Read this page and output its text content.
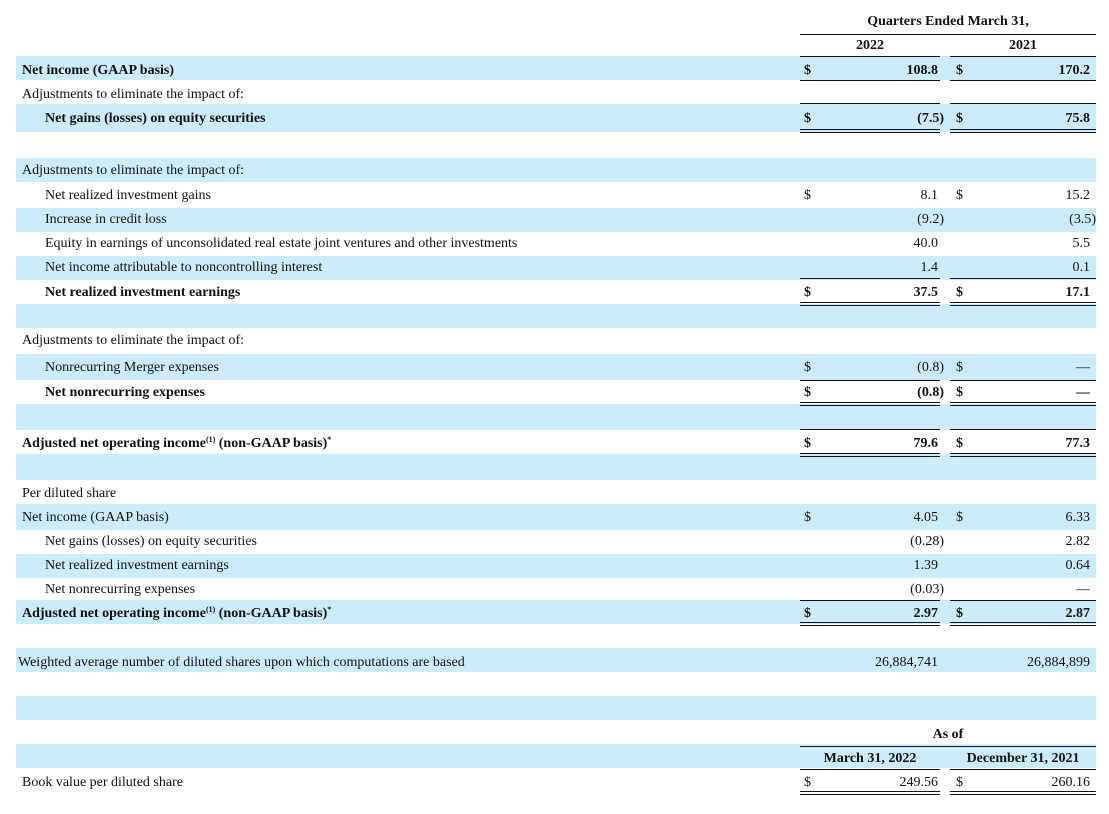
Quarters Ended March 31,
2022	2021
Net income (GAAP basis)	$	108.8 $	170.2
Adjustments to eliminate the impact of:
Net gains (losses) on equity securities	$	(7.5) $	75.8
Adjustments to eliminate the impact of:
Net realized investment gains	$	8.1 $	15.2
Increase in credit loss	(9.2)	(3.5)
Equity in earnings of unconsolidated real estate joint ventures and other investments	40.0	5.5
Net income attributable to noncontrolling interest	1.4	0.1
Net realized investment earnings	$	37.5 $	17.1
Adjustments to eliminate the impact of:
Nonrecurring Merger expenses	$	(0.8) $	—
Net nonrecurring expenses	$	(0.8) $	—
Adjusted net operating income$^{(1)}$ (non-GAAP basis)*	$	79.6 $	77.3
Per diluted share
Net income (GAAP basis)	$	4.05 $	6.33
Net gains (losses) on equity securities	(0.28)	2.82
Net realized investment earnings	1.39	0.64
Net nonrecurring expenses	(0.03)	—
Adjusted net operating income$^{(1)}$ (non-GAAP basis)*	$	2.97 $	2.87
Weighted average number of diluted shares upon which computations are based	26,884,741	26,884,899
As of
March 31, 2022	December 31, 2021
Book value per diluted share	$	249.56 $	260.16
